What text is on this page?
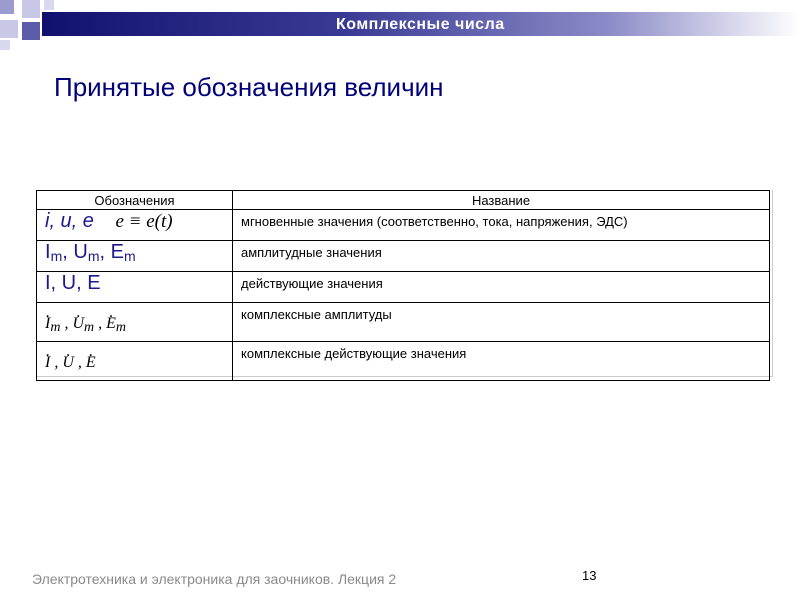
Комплексные числа
Принятые обозначения величин
Обозначения	Название
i, u, e e ≡ e(t)	мгновенные значения (соответственно, тока, напряжения, ЭДС)
$I_m$, $U_m$, $E_m$	амплитудные значения
I, U, E	действующие значения
. Im , . Um , . Em	комплексные амплитуды
. I , . U , . E	комплексные действующие значения
Электротехника и электроника для заочников. Лекция 2	13
